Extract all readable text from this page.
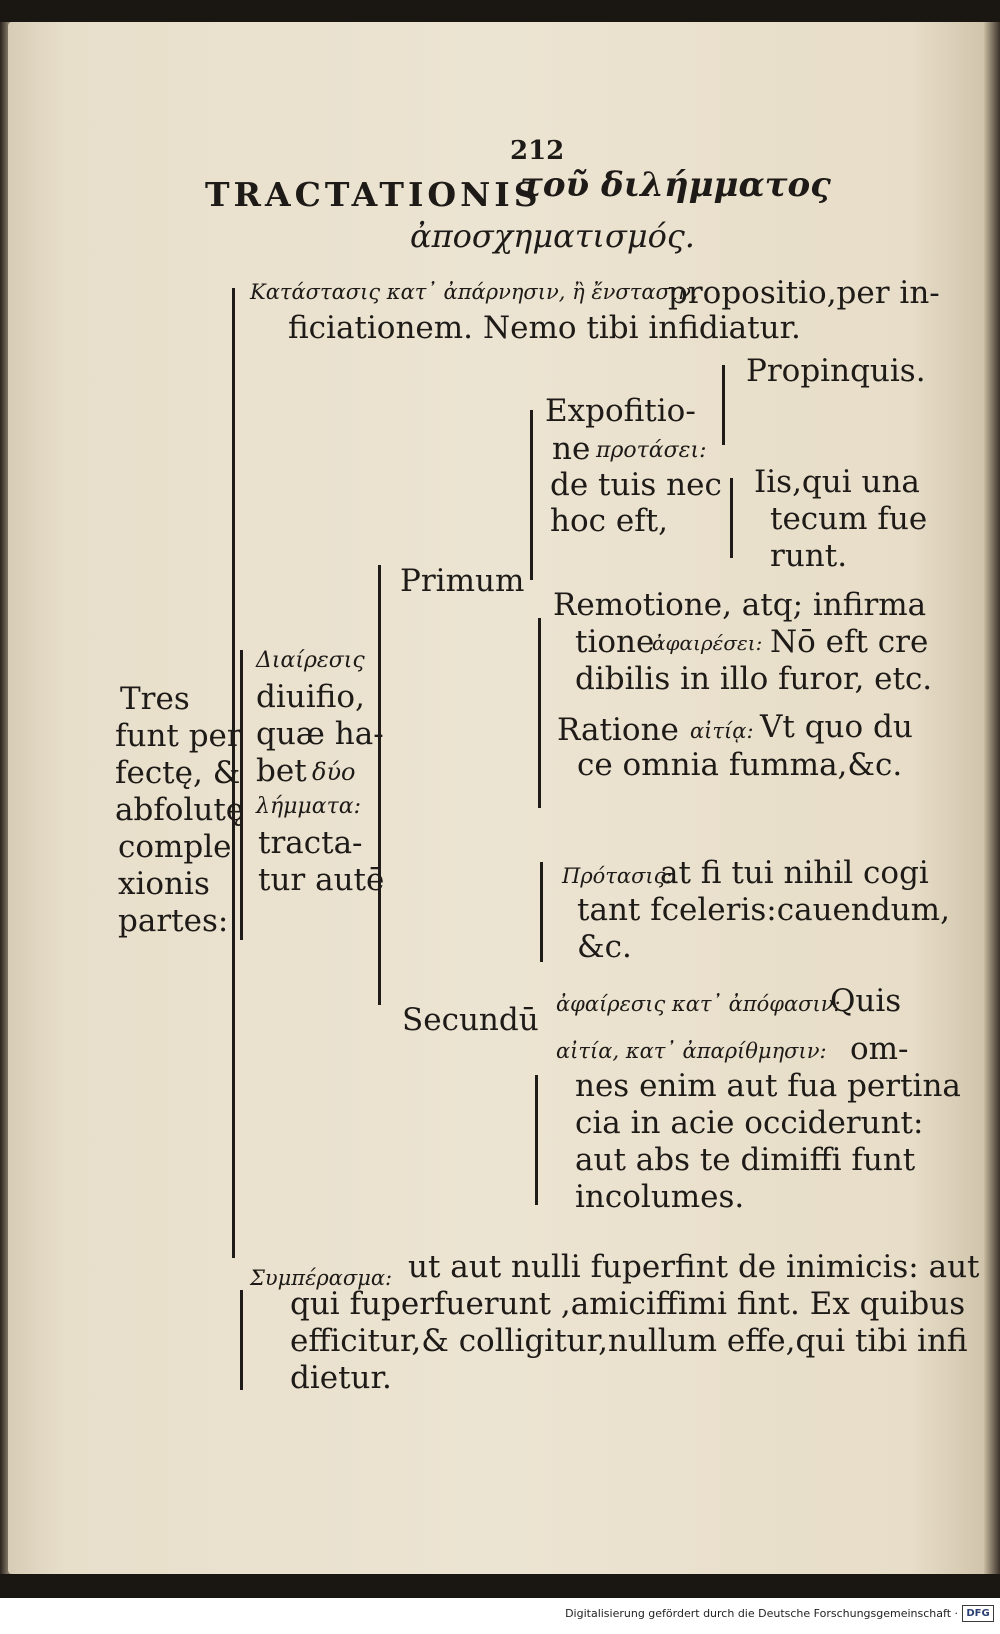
212
TRACTATIONIS
τοῦ διλήμματος
ἀποσχηματισμός.
Κατάστασις κατ᾽ ἀπάρνησιν, ἢ ἔνστασιν,
propositio,per in-
ficiationem. Nemo tibi infidiatur.
Tres
funt per
fectę, &
abfolutę
comple
xionis
partes:
Διαίρεσις
diuifio,
quæ ha-
bet δύο
λήμματα:
tracta-
tur autē
Primum
Expofitio-
ne προτάσει:
de tuis nec
hoc eft,
Propinquis.
Iis,qui una
tecum fue
runt.
Remotione, atq; infirma
tione
ἀφαιρέσει: Nō eft cre
dibilis in illo furor, etc.
Ratione αἰτίᾳ: Vt quo du
ce omnia fumma,&c.
Secundū
Πρότασις:
at fi tui nihil cogi
tant fceleris:cauendum,
&c.
ἀφαίρεσις κατ᾽ ἀπόφασιν:
Quis
αἰτία, κατ᾽ ἀπαρίθμησιν: om-
nes enim aut fua pertina
cia in acie occiderunt:
aut abs te dimiffi funt
incolumes.
Συμπέρασμα: ut aut nulli fuperfint de inimicis: aut
qui fuperfuerunt ,amiciffimi fint. Ex quibus
efficitur,& colligitur,nullum effe,qui tibi infi
dietur.
Digitalisierung gefördert durch die Deutsche Forschungsgemeinschaft · DFG
